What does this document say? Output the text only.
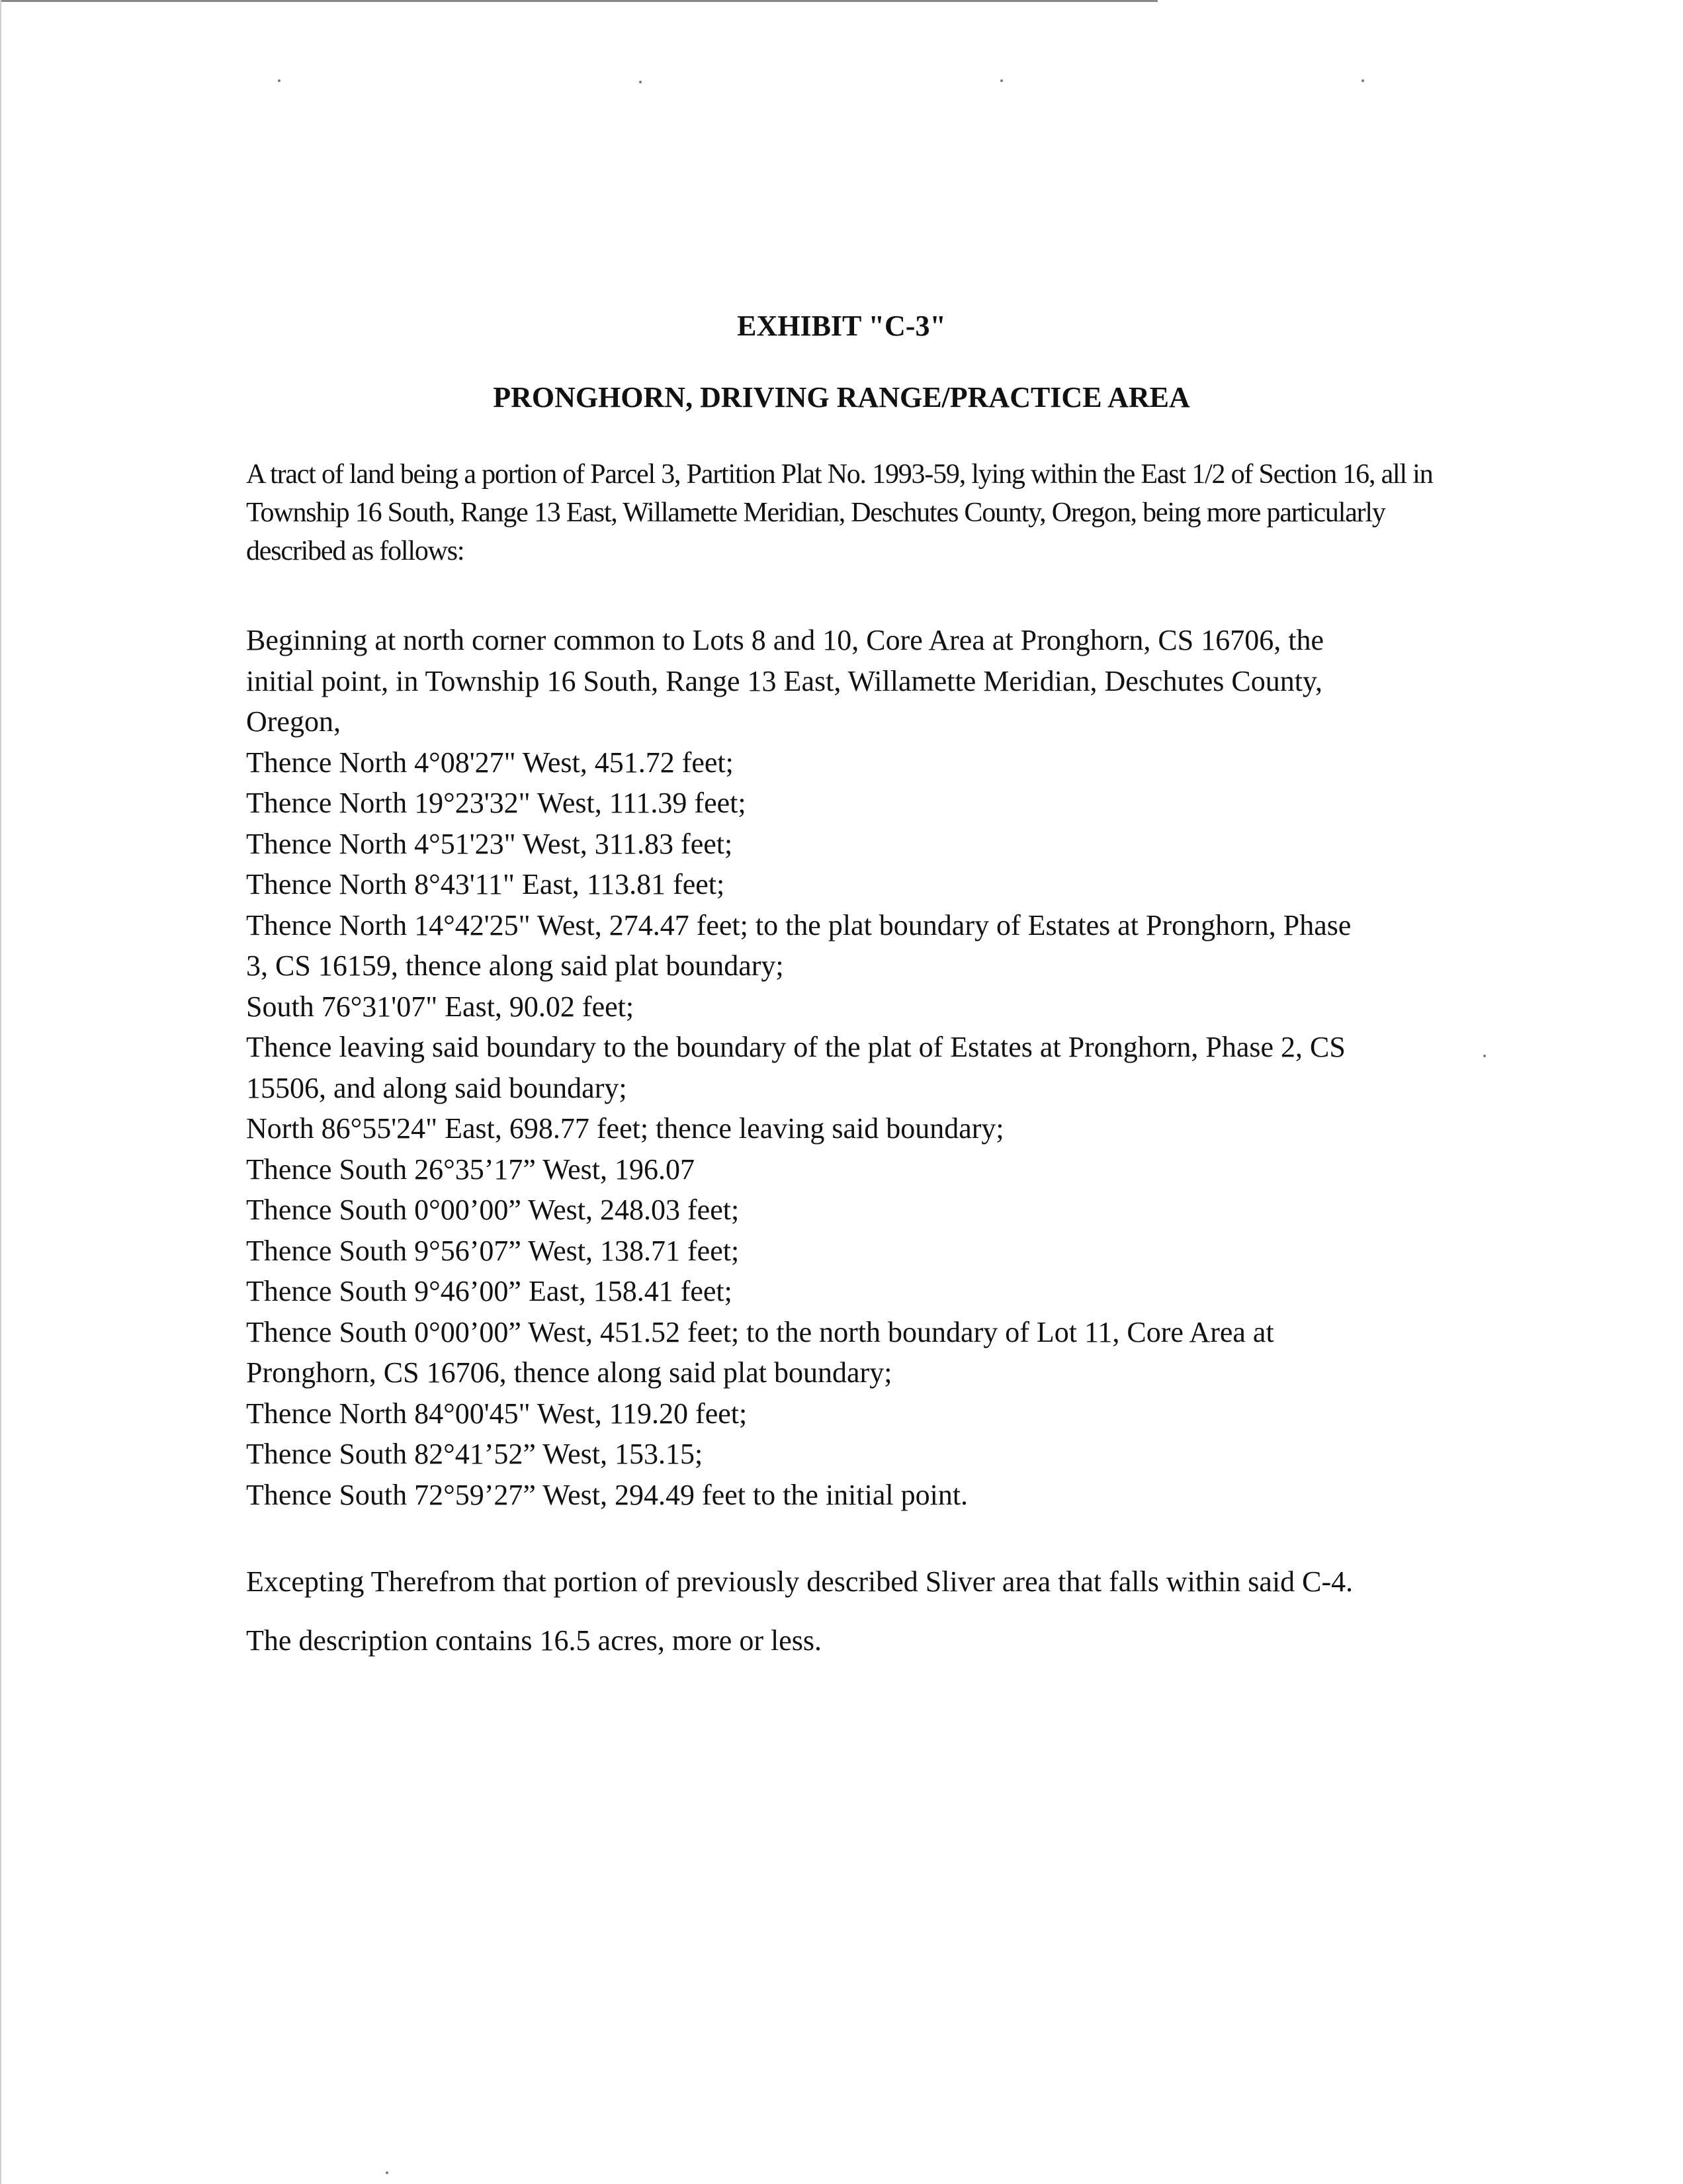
EXHIBIT "C-3"
PRONGHORN, DRIVING RANGE/PRACTICE AREA

A tract of land being a portion of Parcel 3, Partition Plat No. 1993-59, lying within the East 1/2 of Section 16, all in Township 16 South, Range 13 East, Willamette Meridian, Deschutes County, Oregon, being more particularly described as follows:

Beginning at north corner common to Lots 8 and 10, Core Area at Pronghorn, CS 16706, the
initial point, in Township 16 South, Range 13 East, Willamette Meridian, Deschutes County,
Oregon,
Thence North 4°08'27" West, 451.72 feet;
Thence North 19°23'32" West, 111.39 feet;
Thence North 4°51'23" West, 311.83 feet;
Thence North 8°43'11" East, 113.81 feet;
Thence North 14°42'25" West, 274.47 feet; to the plat boundary of Estates at Pronghorn, Phase
3, CS 16159, thence along said plat boundary;
South 76°31'07" East, 90.02 feet;
Thence leaving said boundary to the boundary of the plat of Estates at Pronghorn, Phase 2, CS
15506, and along said boundary;
North 86°55'24" East, 698.77 feet; thence leaving said boundary;
Thence South 26°35’17” West, 196.07
Thence South 0°00’00” West, 248.03 feet;
Thence South 9°56’07” West, 138.71 feet;
Thence South 9°46’00” East, 158.41 feet;
Thence South 0°00’00” West, 451.52 feet; to the north boundary of Lot 11, Core Area at
Pronghorn, CS 16706, thence along said plat boundary;
Thence North 84°00'45" West, 119.20 feet;
Thence South 82°41’52” West, 153.15;
Thence South 72°59’27” West, 294.49 feet to the initial point.

Excepting Therefrom that portion of previously described Sliver area that falls within said C-4.

The description contains 16.5 acres, more or less.
